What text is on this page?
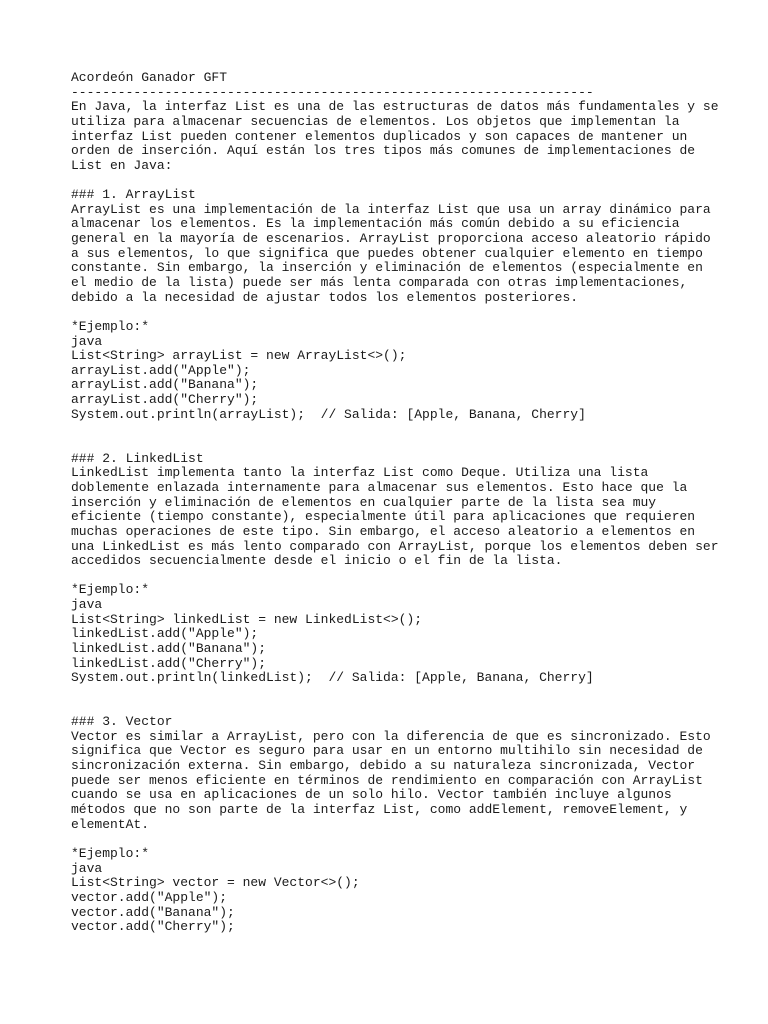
Acordeón Ganador GFT
-------------------------------------------------------------------
En Java, la interfaz List es una de las estructuras de datos más fundamentales y se
utiliza para almacenar secuencias de elementos. Los objetos que implementan la
interfaz List pueden contener elementos duplicados y son capaces de mantener un
orden de inserción. Aquí están los tres tipos más comunes de implementaciones de
List en Java:
### 1. ArrayList
ArrayList es una implementación de la interfaz List que usa un array dinámico para
almacenar los elementos. Es la implementación más común debido a su eficiencia
general en la mayoría de escenarios. ArrayList proporciona acceso aleatorio rápido
a sus elementos, lo que significa que puedes obtener cualquier elemento en tiempo
constante. Sin embargo, la inserción y eliminación de elementos (especialmente en
el medio de la lista) puede ser más lenta comparada con otras implementaciones,
debido a la necesidad de ajustar todos los elementos posteriores.
*Ejemplo:*
java
List<String> arrayList = new ArrayList<>();
arrayList.add("Apple");
arrayList.add("Banana");
arrayList.add("Cherry");
System.out.println(arrayList);  // Salida: [Apple, Banana, Cherry]
### 2. LinkedList
LinkedList implementa tanto la interfaz List como Deque. Utiliza una lista
doblemente enlazada internamente para almacenar sus elementos. Esto hace que la
inserción y eliminación de elementos en cualquier parte de la lista sea muy
eficiente (tiempo constante), especialmente útil para aplicaciones que requieren
muchas operaciones de este tipo. Sin embargo, el acceso aleatorio a elementos en
una LinkedList es más lento comparado con ArrayList, porque los elementos deben ser
accedidos secuencialmente desde el inicio o el fin de la lista.
*Ejemplo:*
java
List<String> linkedList = new LinkedList<>();
linkedList.add("Apple");
linkedList.add("Banana");
linkedList.add("Cherry");
System.out.println(linkedList);  // Salida: [Apple, Banana, Cherry]
### 3. Vector
Vector es similar a ArrayList, pero con la diferencia de que es sincronizado. Esto
significa que Vector es seguro para usar en un entorno multihilo sin necesidad de
sincronización externa. Sin embargo, debido a su naturaleza sincronizada, Vector
puede ser menos eficiente en términos de rendimiento en comparación con ArrayList
cuando se usa en aplicaciones de un solo hilo. Vector también incluye algunos
métodos que no son parte de la interfaz List, como addElement, removeElement, y
elementAt.
*Ejemplo:*
java
List<String> vector = new Vector<>();
vector.add("Apple");
vector.add("Banana");
vector.add("Cherry");
